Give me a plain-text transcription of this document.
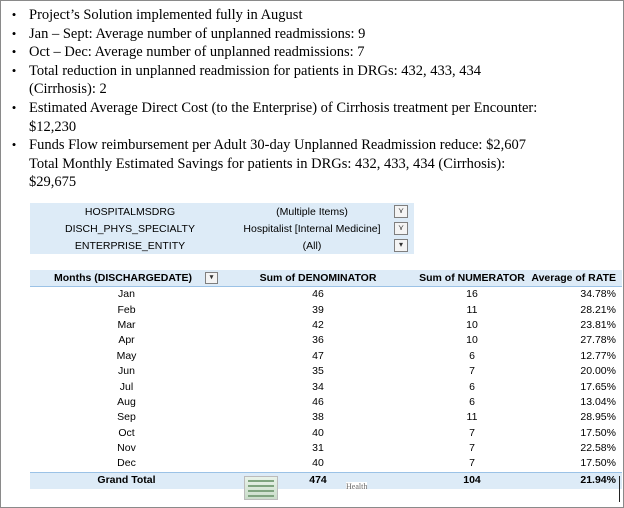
• Project’s Solution implemented fully in August
• Jan – Sept: Average number of unplanned readmissions: 9
• Oct – Dec: Average number of unplanned readmissions: 7
• Total reduction in unplanned readmission for patients in DRGs: 432, 433, 434
(Cirrhosis): 2
• Estimated Average Direct Cost (to the Enterprise) of Cirrhosis treatment per Encounter:
$12,230
• Funds Flow reimbursement per Adult 30-day Unplanned Readmission reduce: $2,607
Total Monthly Estimated Savings for patients in DRGs: 432, 433, 434 (Cirrhosis):
$29,675
HOSPITALMSDRG	(Multiple Items)	⋎
DISCH_PHYS_SPECIALTY	Hospitalist [Internal Medicine]	⋎
ENTERPRISE_ENTITY	(All)	▾
Months (DISCHARGEDATE) ▾	Sum of DENOMINATOR	Sum of NUMERATOR	Average of RATE
Jan	46	16	34.78%
Feb	39	11	28.21%
Mar	42	10	23.81%
Apr	36	10	27.78%
May	47	6	12.77%
Jun	35	7	20.00%
Jul	34	6	17.65%
Aug	46	6	13.04%
Sep	38	11	28.95%
Oct	40	7	17.50%
Nov	31	7	22.58%
Dec	40	7	17.50%
Grand Total	474	104	21.94%
Health
